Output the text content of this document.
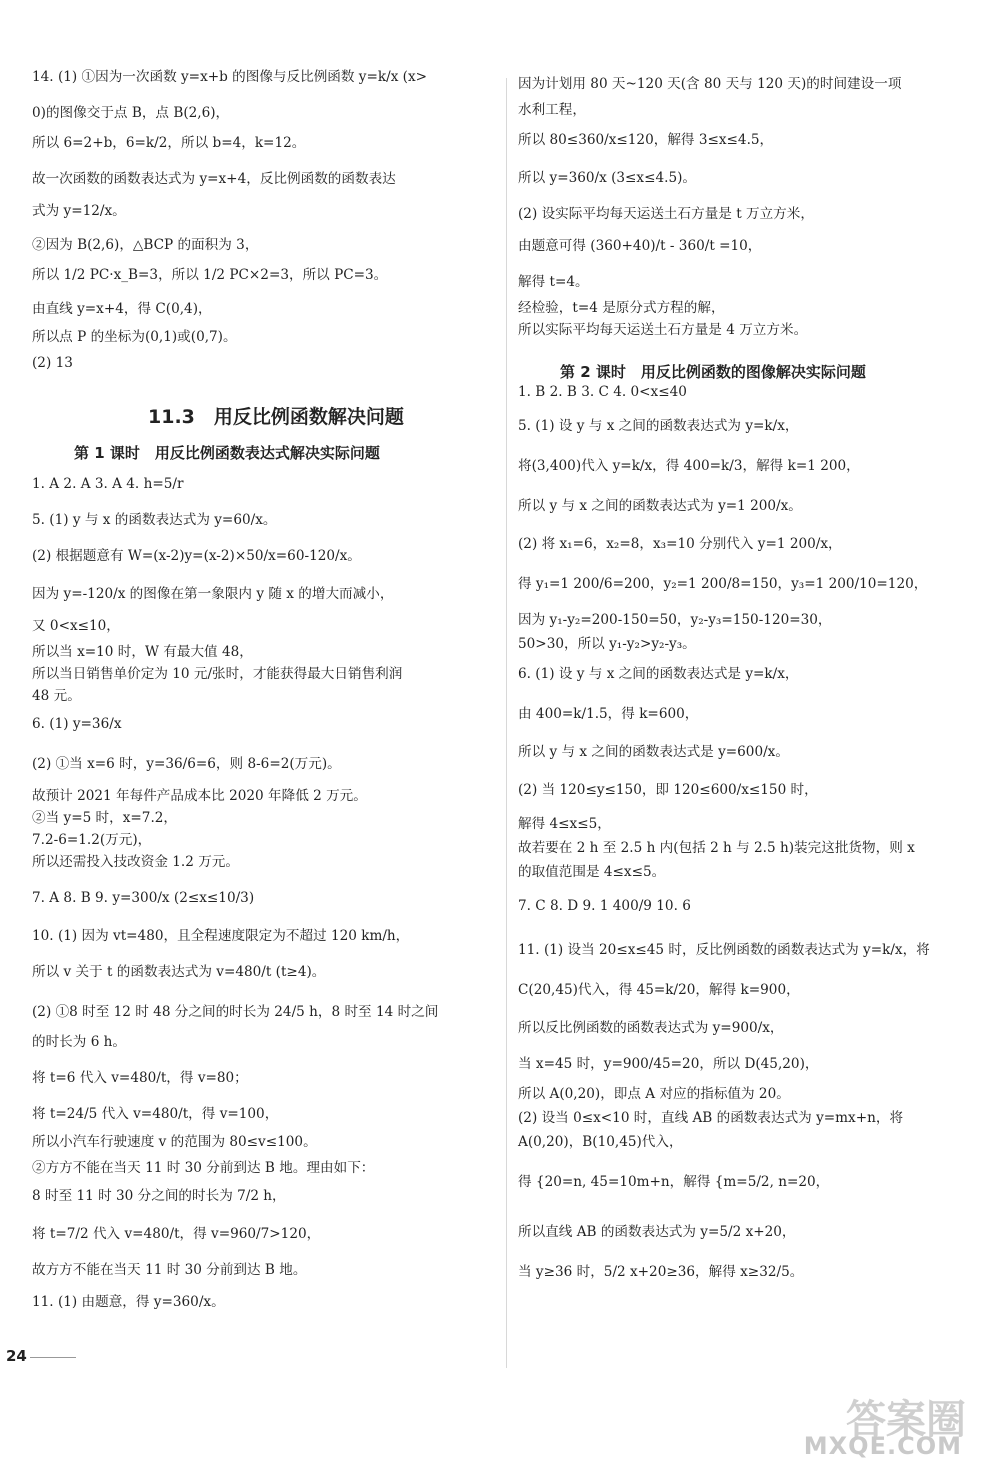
14. (1) ①因为一次函数 y=x+b 的图像与反比例函数 y=k/x (x>
0)的图像交于点 B，点 B(2,6)，
所以 6=2+b，6=k/2，所以 b=4，k=12。
故一次函数的函数表达式为 y=x+4，反比例函数的函数表达
式为 y=12/x。
②因为 B(2,6)，△BCP 的面积为 3，
所以 1/2 PC·x_B=3，所以 1/2 PC×2=3，所以 PC=3。
由直线 y=x+4，得 C(0,4)，
所以点 P 的坐标为(0,1)或(0,7)。
(2) 13
11.3　用反比例函数解决问题
第 1 课时　用反比例函数表达式解决实际问题
1. A 2. A 3. A 4. h=5/r
5. (1) y 与 x 的函数表达式为 y=60/x。
(2) 根据题意有 W=(x-2)y=(x-2)×50/x=60-120/x。
因为 y=-120/x 的图像在第一象限内 y 随 x 的增大而减小，
又 0<x≤10，
所以当 x=10 时，W 有最大值 48，
所以当日销售单价定为 10 元/张时，才能获得最大日销售利润
48 元。
6. (1) y=36/x
(2) ①当 x=6 时，y=36/6=6，则 8-6=2(万元)。
故预计 2021 年每件产品成本比 2020 年降低 2 万元。
②当 y=5 时，x=7.2，
7.2-6=1.2(万元)，
所以还需投入技改资金 1.2 万元。
7. A 8. B 9. y=300/x (2≤x≤10/3)
10. (1) 因为 vt=480，且全程速度限定为不超过 120 km/h，
所以 v 关于 t 的函数表达式为 v=480/t (t≥4)。
(2) ①8 时至 12 时 48 分之间的时长为 24/5 h，8 时至 14 时之间
的时长为 6 h。
将 t=6 代入 v=480/t，得 v=80；
将 t=24/5 代入 v=480/t，得 v=100，
所以小汽车行驶速度 v 的范围为 80≤v≤100。
②方方不能在当天 11 时 30 分前到达 B 地。理由如下：
8 时至 11 时 30 分之间的时长为 7/2 h，
将 t=7/2 代入 v=480/t，得 v=960/7>120，
故方方不能在当天 11 时 30 分前到达 B 地。
11. (1) 由题意，得 y=360/x。
因为计划用 80 天~120 天(含 80 天与 120 天)的时间建设一项
水利工程，
所以 80≤360/x≤120，解得 3≤x≤4.5，
所以 y=360/x (3≤x≤4.5)。
(2) 设实际平均每天运送土石方量是 t 万立方米，
由题意可得 (360+40)/t - 360/t =10，
解得 t=4。
经检验，t=4 是原分式方程的解，
所以实际平均每天运送土石方量是 4 万立方米。
第 2 课时　用反比例函数的图像解决实际问题
1. B 2. B 3. C 4. 0<x≤40
5. (1) 设 y 与 x 之间的函数表达式为 y=k/x，
将(3,400)代入 y=k/x，得 400=k/3，解得 k=1 200，
所以 y 与 x 之间的函数表达式为 y=1 200/x。
(2) 将 x₁=6，x₂=8，x₃=10 分别代入 y=1 200/x，
得 y₁=1 200/6=200，y₂=1 200/8=150，y₃=1 200/10=120，
因为 y₁-y₂=200-150=50，y₂-y₃=150-120=30，
50>30，所以 y₁-y₂>y₂-y₃。
6. (1) 设 y 与 x 之间的函数表达式是 y=k/x，
由 400=k/1.5，得 k=600，
所以 y 与 x 之间的函数表达式是 y=600/x。
(2) 当 120≤y≤150，即 120≤600/x≤150 时，
解得 4≤x≤5，
故若要在 2 h 至 2.5 h 内(包括 2 h 与 2.5 h)装完这批货物，则 x
的取值范围是 4≤x≤5。
7. C 8. D 9. 1 400/9 10. 6
11. (1) 设当 20≤x≤45 时，反比例函数的函数表达式为 y=k/x，将
C(20,45)代入，得 45=k/20，解得 k=900，
所以反比例函数的函数表达式为 y=900/x，
当 x=45 时，y=900/45=20，所以 D(45,20)，
所以 A(0,20)，即点 A 对应的指标值为 20。
(2) 设当 0≤x<10 时，直线 AB 的函数表达式为 y=mx+n，将
A(0,20)，B(10,45)代入，
得 {20=n, 45=10m+n，解得 {m=5/2, n=20，
所以直线 AB 的函数表达式为 y=5/2 x+20，
当 y≥36 时，5/2 x+20≥36，解得 x≥32/5。
24
答案圈
MXQE.COM
